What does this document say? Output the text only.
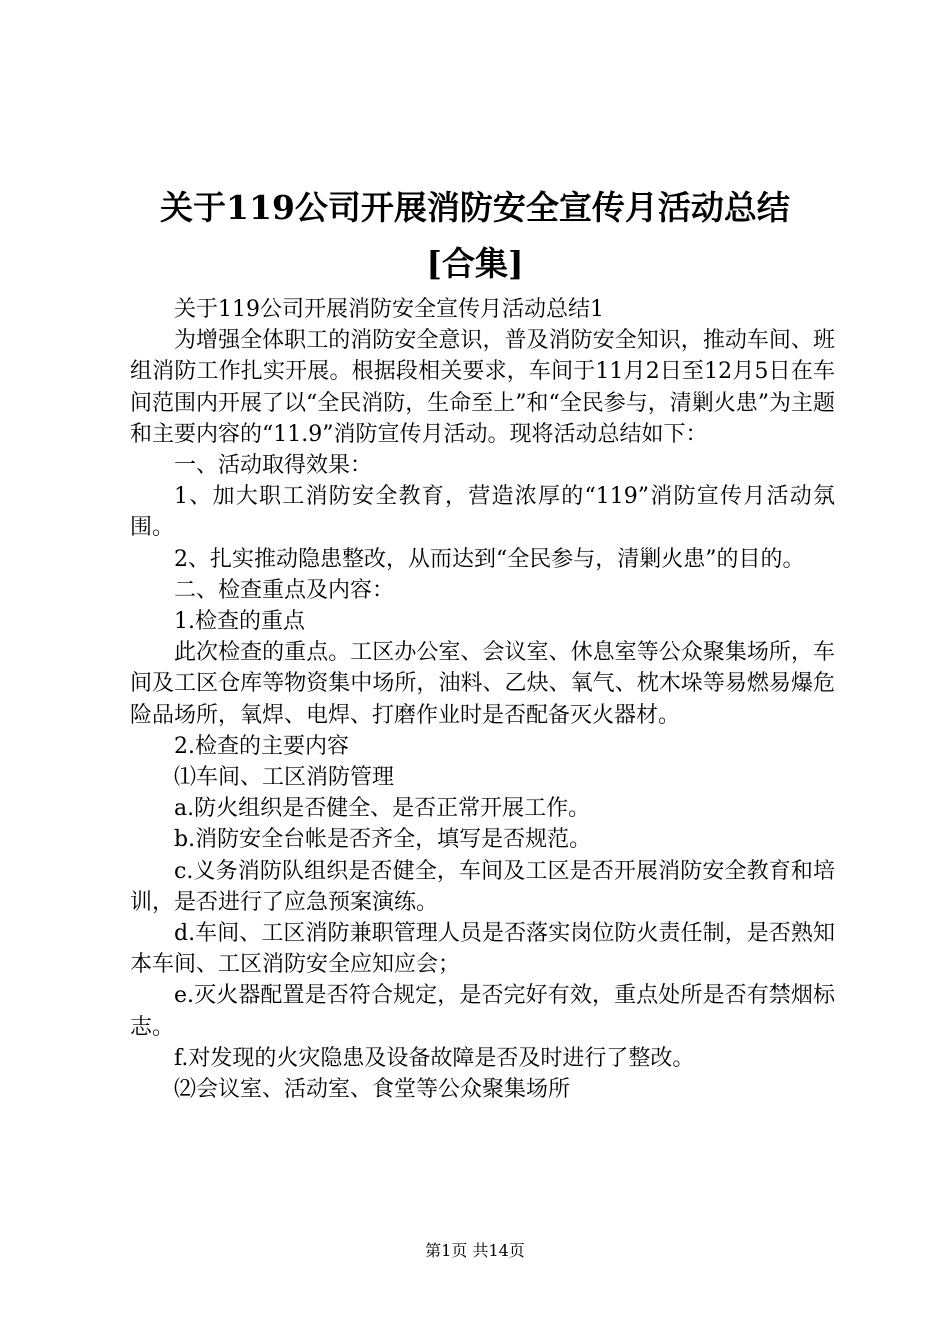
关于119公司开展消防安全宣传月活动总结
[合集]

关于119公司开展消防安全宣传月活动总结1

为增强全体职工的消防安全意识，普及消防安全知识，推动车间、班组消防工作扎实开展。根据段相关要求，车间于11月2日至12月5日在车间范围内开展了以“全民消防，生命至上”和“全民参与，清剿火患”为主题和主要内容的“11.9”消防宣传月活动。现将活动总结如下：

一、活动取得效果：

1、加大职工消防安全教育，营造浓厚的“119”消防宣传月活动氛围。

2、扎实推动隐患整改，从而达到“全民参与，清剿火患”的目的。

二、检查重点及内容：

1.检查的重点

此次检查的重点。工区办公室、会议室、休息室等公众聚集场所，车间及工区仓库等物资集中场所，油料、乙炔、氧气、枕木垛等易燃易爆危险品场所，氧焊、电焊、打磨作业时是否配备灭火器材。

2.检查的主要内容

⑴车间、工区消防管理

a.防火组织是否健全、是否正常开展工作。

b.消防安全台帐是否齐全，填写是否规范。

c.义务消防队组织是否健全，车间及工区是否开展消防安全教育和培训，是否进行了应急预案演练。

d.车间、工区消防兼职管理人员是否落实岗位防火责任制，是否熟知本车间、工区消防安全应知应会；

e.灭火器配置是否符合规定，是否完好有效，重点处所是否有禁烟标志。

f.对发现的火灾隐患及设备故障是否及时进行了整改。

⑵会议室、活动室、食堂等公众聚集场所

第1页 共14页
